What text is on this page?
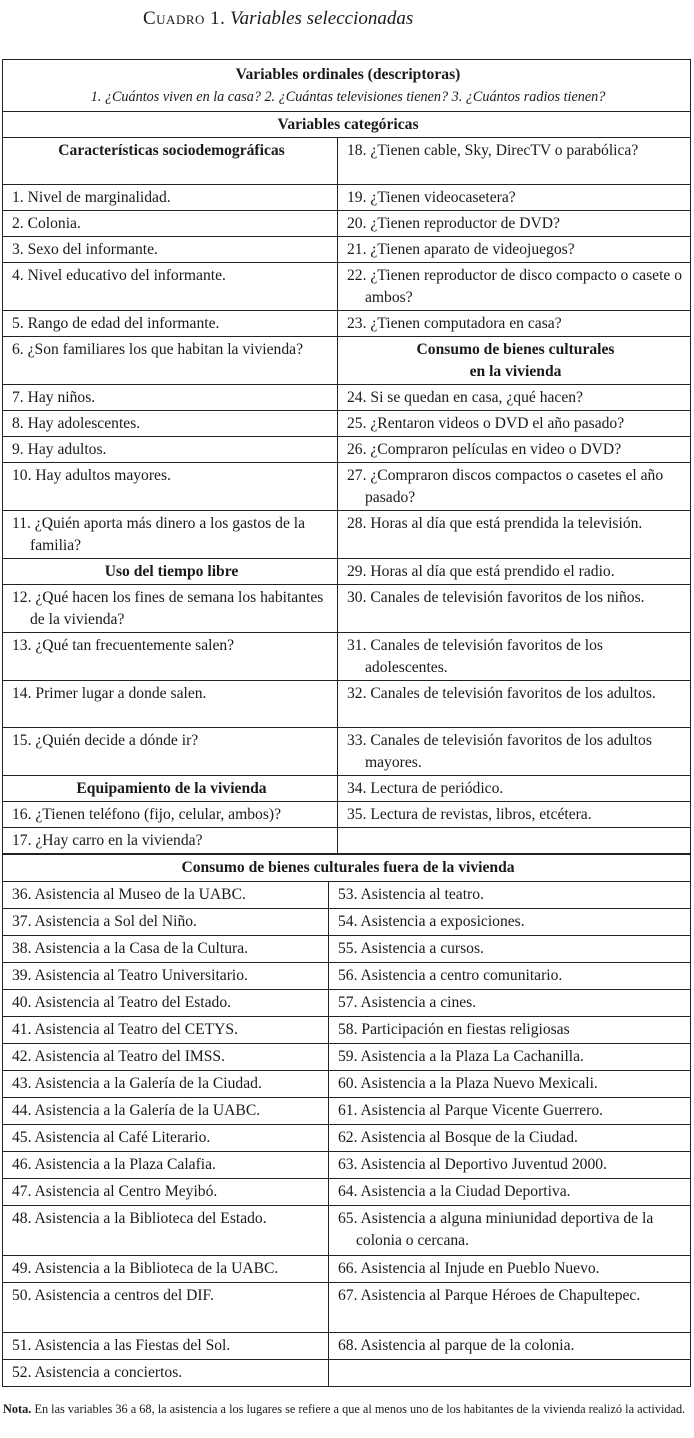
Cuadro 1. Variables seleccionadas
Variables ordinales (descriptoras)
1. ¿Cuántos viven en la casa? 2. ¿Cuántas televisiones tienen? 3. ¿Cuántos radios tienen?	

Variables categóricas	
Características sociodemográficas	18. ¿Tienen cable, Sky, DirecTV o parabólica?
1. Nivel de marginalidad.	19. ¿Tienen videocasetera?
2. Colonia.	20. ¿Tienen reproductor de DVD?
3. Sexo del informante.	21. ¿Tienen aparato de videojuegos?
4. Nivel educativo del informante.	22. ¿Tienen reproductor de disco compacto o casete o ambos?
5. Rango de edad del informante.	23. ¿Tienen computadora en casa?
6. ¿Son familiares los que habitan la vivienda?	Consumo de bienes culturales
en la vivienda
7. Hay niños.	24. Si se quedan en casa, ¿qué hacen?
8. Hay adolescentes.	25. ¿Rentaron videos o DVD el año pasado?
9. Hay adultos.	26. ¿Compraron películas en video o DVD?
10. Hay adultos mayores.	27. ¿Compraron discos compactos o casetes el año pasado?
11. ¿Quién aporta más dinero a los gastos de la familia?	28. Horas al día que está prendida la televisión.
Uso del tiempo libre	29. Horas al día que está prendido el radio.
12. ¿Qué hacen los fines de semana los habitantes de la vivienda?	30. Canales de televisión favoritos de los niños.
13. ¿Qué tan frecuentemente salen?	31. Canales de televisión favoritos de los adolescentes.
14. Primer lugar a donde salen.	32. Canales de televisión favoritos de los adultos.
15. ¿Quién decide a dónde ir?	33. Canales de televisión favoritos de los adultos mayores.
Equipamiento de la vivienda	34. Lectura de periódico.
16. ¿Tienen teléfono (fijo, celular, ambos)?	35. Lectura de revistas, libros, etcétera.
17. ¿Hay carro en la vivienda?	
Consumo de bienes culturales fuera de la vivienda	
36. Asistencia al Museo de la UABC.	53. Asistencia al teatro.
37. Asistencia a Sol del Niño.	54. Asistencia a exposiciones.
38. Asistencia a la Casa de la Cultura.	55. Asistencia a cursos.
39. Asistencia al Teatro Universitario.	56. Asistencia a centro comunitario.
40. Asistencia al Teatro del Estado.	57. Asistencia a cines.
41. Asistencia al Teatro del CETYS.	58. Participación en fiestas religiosas
42. Asistencia al Teatro del IMSS.	59. Asistencia a la Plaza La Cachanilla.
43. Asistencia a la Galería de la Ciudad.	60. Asistencia a la Plaza Nuevo Mexicali.
44. Asistencia a la Galería de la UABC.	61. Asistencia al Parque Vicente Guerrero.
45. Asistencia al Café Literario.	62. Asistencia al Bosque de la Ciudad.
46. Asistencia a la Plaza Calafia.	63. Asistencia al Deportivo Juventud 2000.
47. Asistencia al Centro Meyibó.	64. Asistencia a la Ciudad Deportiva.
48. Asistencia a la Biblioteca del Estado.	65. Asistencia a alguna miniunidad deportiva de la colonia o cercana.
49. Asistencia a la Biblioteca de la UABC.	66. Asistencia al Injude en Pueblo Nuevo.
50. Asistencia a centros del DIF.	67. Asistencia al Parque Héroes de Chapultepec.
51. Asistencia a las Fiestas del Sol.	68. Asistencia al parque de la colonia.
52. Asistencia a conciertos.	
Nota. En las variables 36 a 68, la asistencia a los lugares se refiere a que al menos uno de los habitantes de la vivienda realizó la actividad.
